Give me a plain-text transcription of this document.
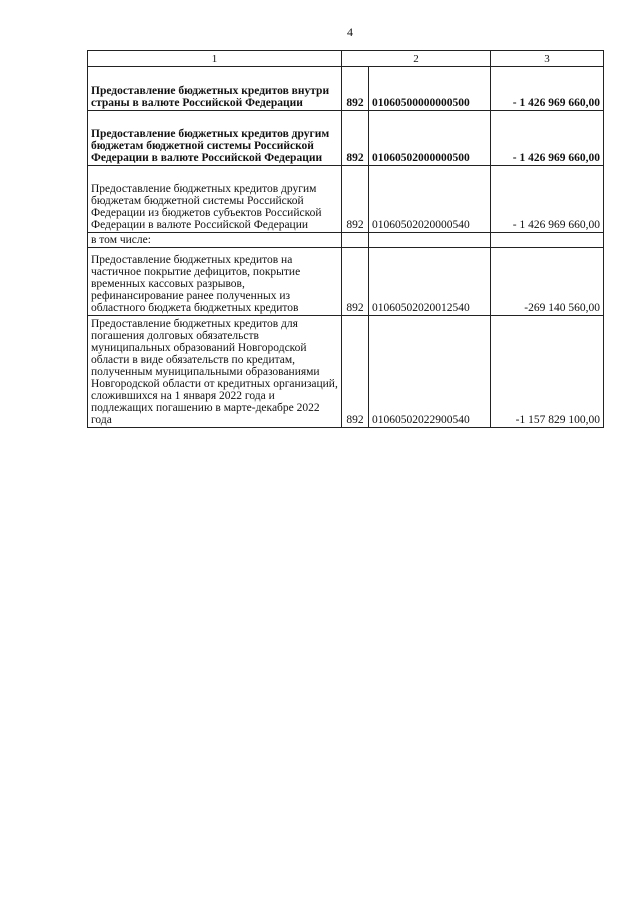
4
1	2		3
Предоставление бюджетных кредитов внутри страны в валюте Российской Федерации	892	01060500000000500	- 1 426 969 660,00
Предоставление бюджетных кредитов другим бюджетам бюджетной системы Российской Федерации в валюте Российской Федерации	892	01060502000000500	- 1 426 969 660,00
Предоставление бюджетных кредитов другим бюджетам бюджетной системы Российской Федерации из бюджетов субъектов Российской Федерации в валюте Российской Федерации	892	01060502020000540	- 1 426 969 660,00
в том числе:			
Предоставление бюджетных кредитов на частичное покрытие дефицитов, покрытие временных кассовых разрывов, рефинансирование ранее полученных из областного бюджета бюджетных кредитов	892	01060502020012540	-269 140 560,00
Предоставление бюджетных кредитов для погашения долговых обязательств муниципальных образований Новгородской области в виде обязательств по кредитам, полученным муниципальными образованиями Новгородской области от кредитных организаций, сложившихся на 1 января 2022 года и подлежащих погашению в марте-декабре 2022 года	892	01060502022900540	-1 157 829 100,00
